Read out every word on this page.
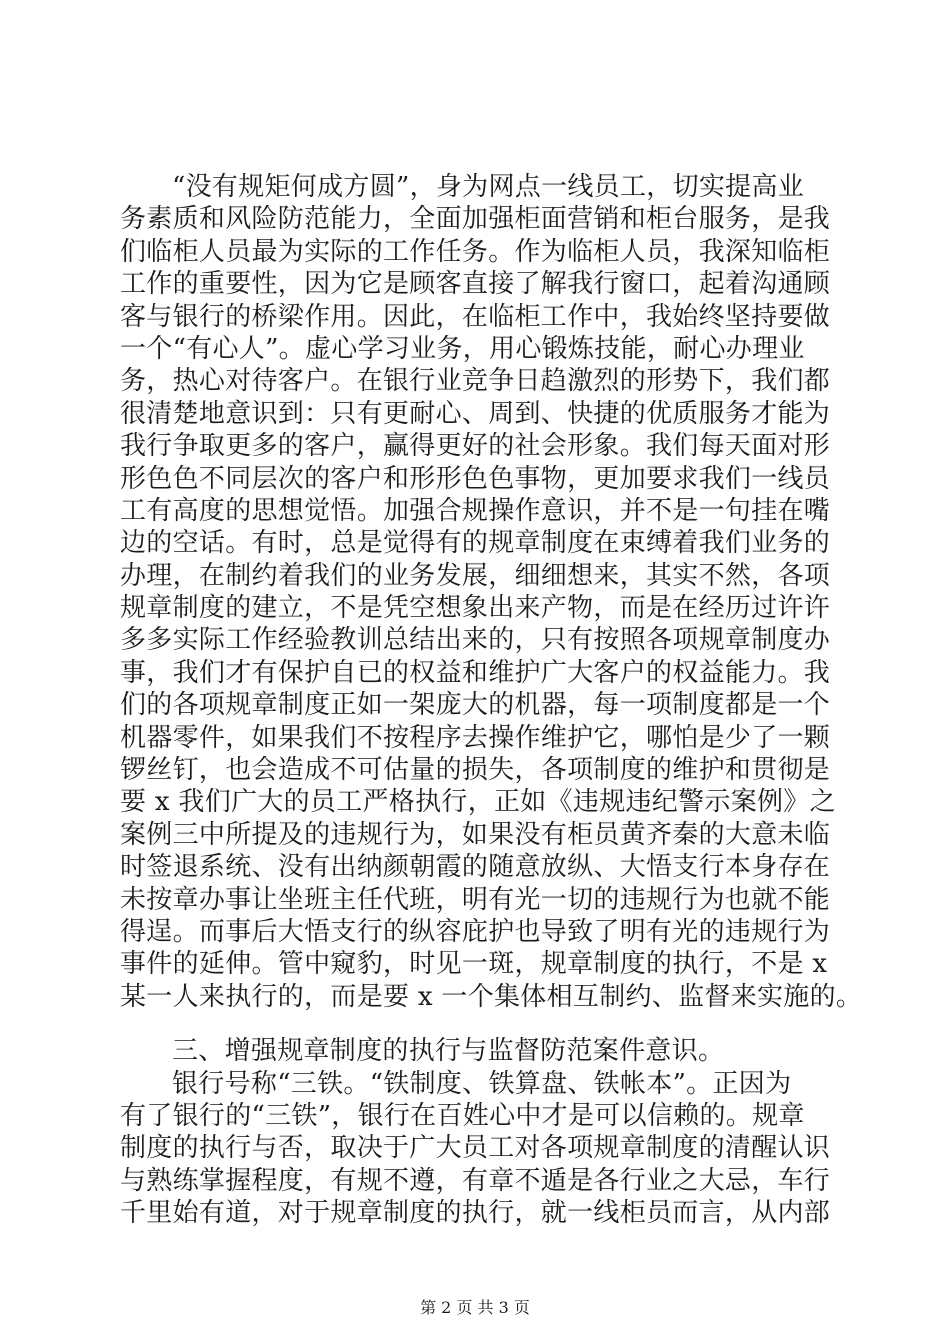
“没有规矩何成方圆”，身为网点一线员工，切实提高业
务素质和风险防范能力，全面加强柜面营销和柜台服务，是我
们临柜人员最为实际的工作任务。作为临柜人员，我深知临柜
工作的重要性，因为它是顾客直接了解我行窗口，起着沟通顾
客与银行的桥梁作用。因此，在临柜工作中，我始终坚持要做
一个“有心人”。虚心学习业务，用心锻炼技能，耐心办理业
务，热心对待客户。在银行业竞争日趋激烈的形势下，我们都
很清楚地意识到：只有更耐心、周到、快捷的优质服务才能为
我行争取更多的客户，赢得更好的社会形象。我们每天面对形
形色色不同层次的客户和形形色色事物，更加要求我们一线员
工有高度的思想觉悟。加强合规操作意识，并不是一句挂在嘴
边的空话。有时，总是觉得有的规章制度在束缚着我们业务的
办理，在制约着我们的业务发展，细细想来，其实不然，各项
规章制度的建立，不是凭空想象出来产物，而是在经历过许许
多多实际工作经验教训总结出来的，只有按照各项规章制度办
事，我们才有保护自已的权益和维护广大客户的权益能力。我
们的各项规章制度正如一架庞大的机器，每一项制度都是一个
机器零件，如果我们不按程序去操作维护它，哪怕是少了一颗
锣丝钉，也会造成不可估量的损失，各项制度的维护和贯彻是
要 x 我们广大的员工严格执行，正如《违规违纪警示案例》之
案例三中所提及的违规行为，如果没有柜员黄齐秦的大意未临
时签退系统、没有出纳颜朝霞的随意放纵、大悟支行本身存在
未按章办事让坐班主任代班，明有光一切的违规行为也就不能
得逞。而事后大悟支行的纵容庇护也导致了明有光的违规行为
事件的延伸。管中窥豹，时见一斑，规章制度的执行，不是 x
某一人来执行的，而是要 x 一个集体相互制约、监督来实施的。
三、增强规章制度的执行与监督防范案件意识。
银行号称“三铁。“铁制度、铁算盘、铁帐本”。正因为
有了银行的“三铁”，银行在百姓心中才是可以信赖的。规章
制度的执行与否，取决于广大员工对各项规章制度的清醒认识
与熟练掌握程度，有规不遵，有章不遁是各行业之大忌，车行
千里始有道，对于规章制度的执行，就一线柜员而言，从内部
第 2 页 共 3 页
